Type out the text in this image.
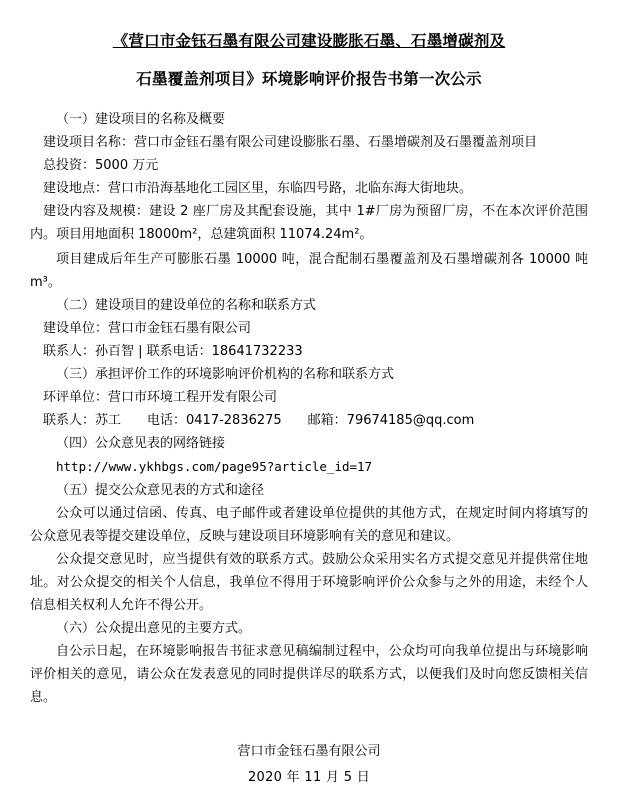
《营口市金钰石墨有限公司建设膨胀石墨、石墨增碳剂及
石墨覆盖剂项目》环境影响评价报告书第一次公示

（一）建设项目的名称及概要

建设项目名称：营口市金钰石墨有限公司建设膨胀石墨、石墨增碳剂及石墨覆盖剂项目

总投资：5000 万元

建设地点：营口市沿海基地化工园区里，东临四号路，北临东海大街地块。

建设内容及规模：建设 2 座厂房及其配套设施，其中 1#厂房为预留厂房，不在本次评价范围内。项目用地面积 18000m²，总建筑面积 11074.24m²。

项目建成后年生产可膨胀石墨 10000 吨，混合配制石墨覆盖剂及石墨增碳剂各 10000 吨 m³。

（二）建设项目的建设单位的名称和联系方式

建设单位：营口市金钰石墨有限公司

联系人：孙百智 | 联系电话：18641732233

（三）承担评价工作的环境影响评价机构的名称和联系方式

环评单位：营口市环境工程开发有限公司

联系人：苏工　　电话：0417-2836275　　邮箱：79674185@qq.com

（四）公众意见表的网络链接

http://www.ykhbgs.com/page95?article_id=17

（五）提交公众意见表的方式和途径

公众可以通过信函、传真、电子邮件或者建设单位提供的其他方式，在规定时间内将填写的公众意见表等提交建设单位，反映与建设项目环境影响有关的意见和建议。

公众提交意见时，应当提供有效的联系方式。鼓励公众采用实名方式提交意见并提供常住地址。对公众提交的相关个人信息，我单位不得用于环境影响评价公众参与之外的用途，未经个人信息相关权利人允许不得公开。

（六）公众提出意见的主要方式。

自公示日起，在环境影响报告书征求意见稿编制过程中，公众均可向我单位提出与环境影响评价相关的意见，请公众在发表意见的同时提供详尽的联系方式，以便我们及时向您反馈相关信息。

营口市金钰石墨有限公司
2020 年 11 月 5 日
